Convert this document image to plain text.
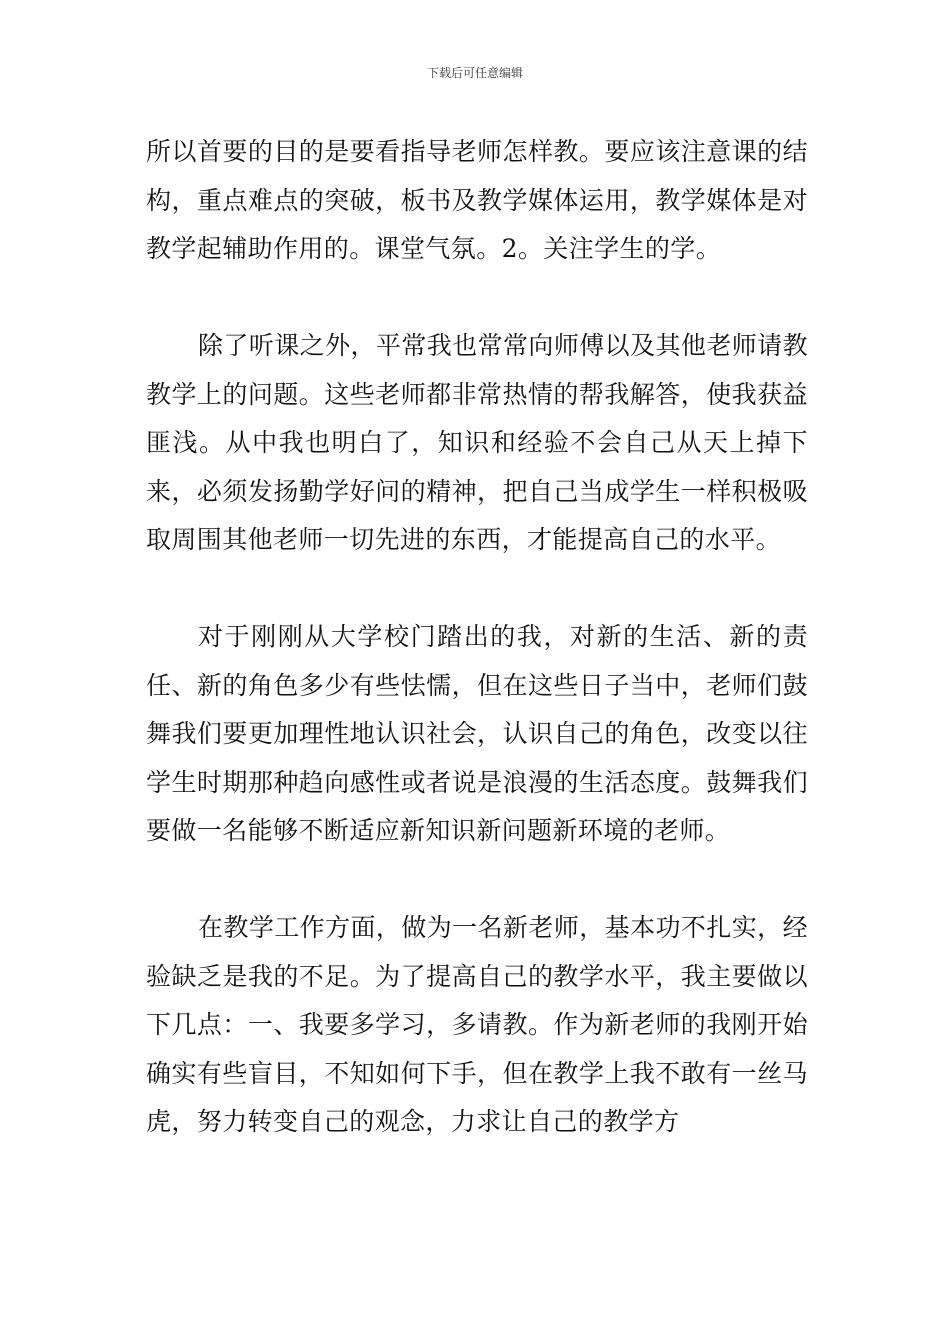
下载后可任意编辑

所以首要的目的是要看指导老师怎样教。要应该注意课的结构，重点难点的突破，板书及教学媒体运用，教学媒体是对教学起辅助作用的。课堂气氛。2。关注学生的学。

除了听课之外，平常我也常常向师傅以及其他老师请教教学上的问题。这些老师都非常热情的帮我解答，使我获益匪浅。从中我也明白了，知识和经验不会自己从天上掉下来，必须发扬勤学好问的精神，把自己当成学生一样积极吸取周围其他老师一切先进的东西，才能提高自己的水平。

对于刚刚从大学校门踏出的我，对新的生活、新的责任、新的角色多少有些怯懦，但在这些日子当中，老师们鼓舞我们要更加理性地认识社会，认识自己的角色，改变以往学生时期那种趋向感性或者说是浪漫的生活态度。鼓舞我们要做一名能够不断适应新知识新问题新环境的老师。

在教学工作方面，做为一名新老师，基本功不扎实，经验缺乏是我的不足。为了提高自己的教学水平，我主要做以下几点：一、我要多学习，多请教。作为新老师的我刚开始确实有些盲目，不知如何下手，但在教学上我不敢有一丝马虎，努力转变自己的观念，力求让自己的教学方
